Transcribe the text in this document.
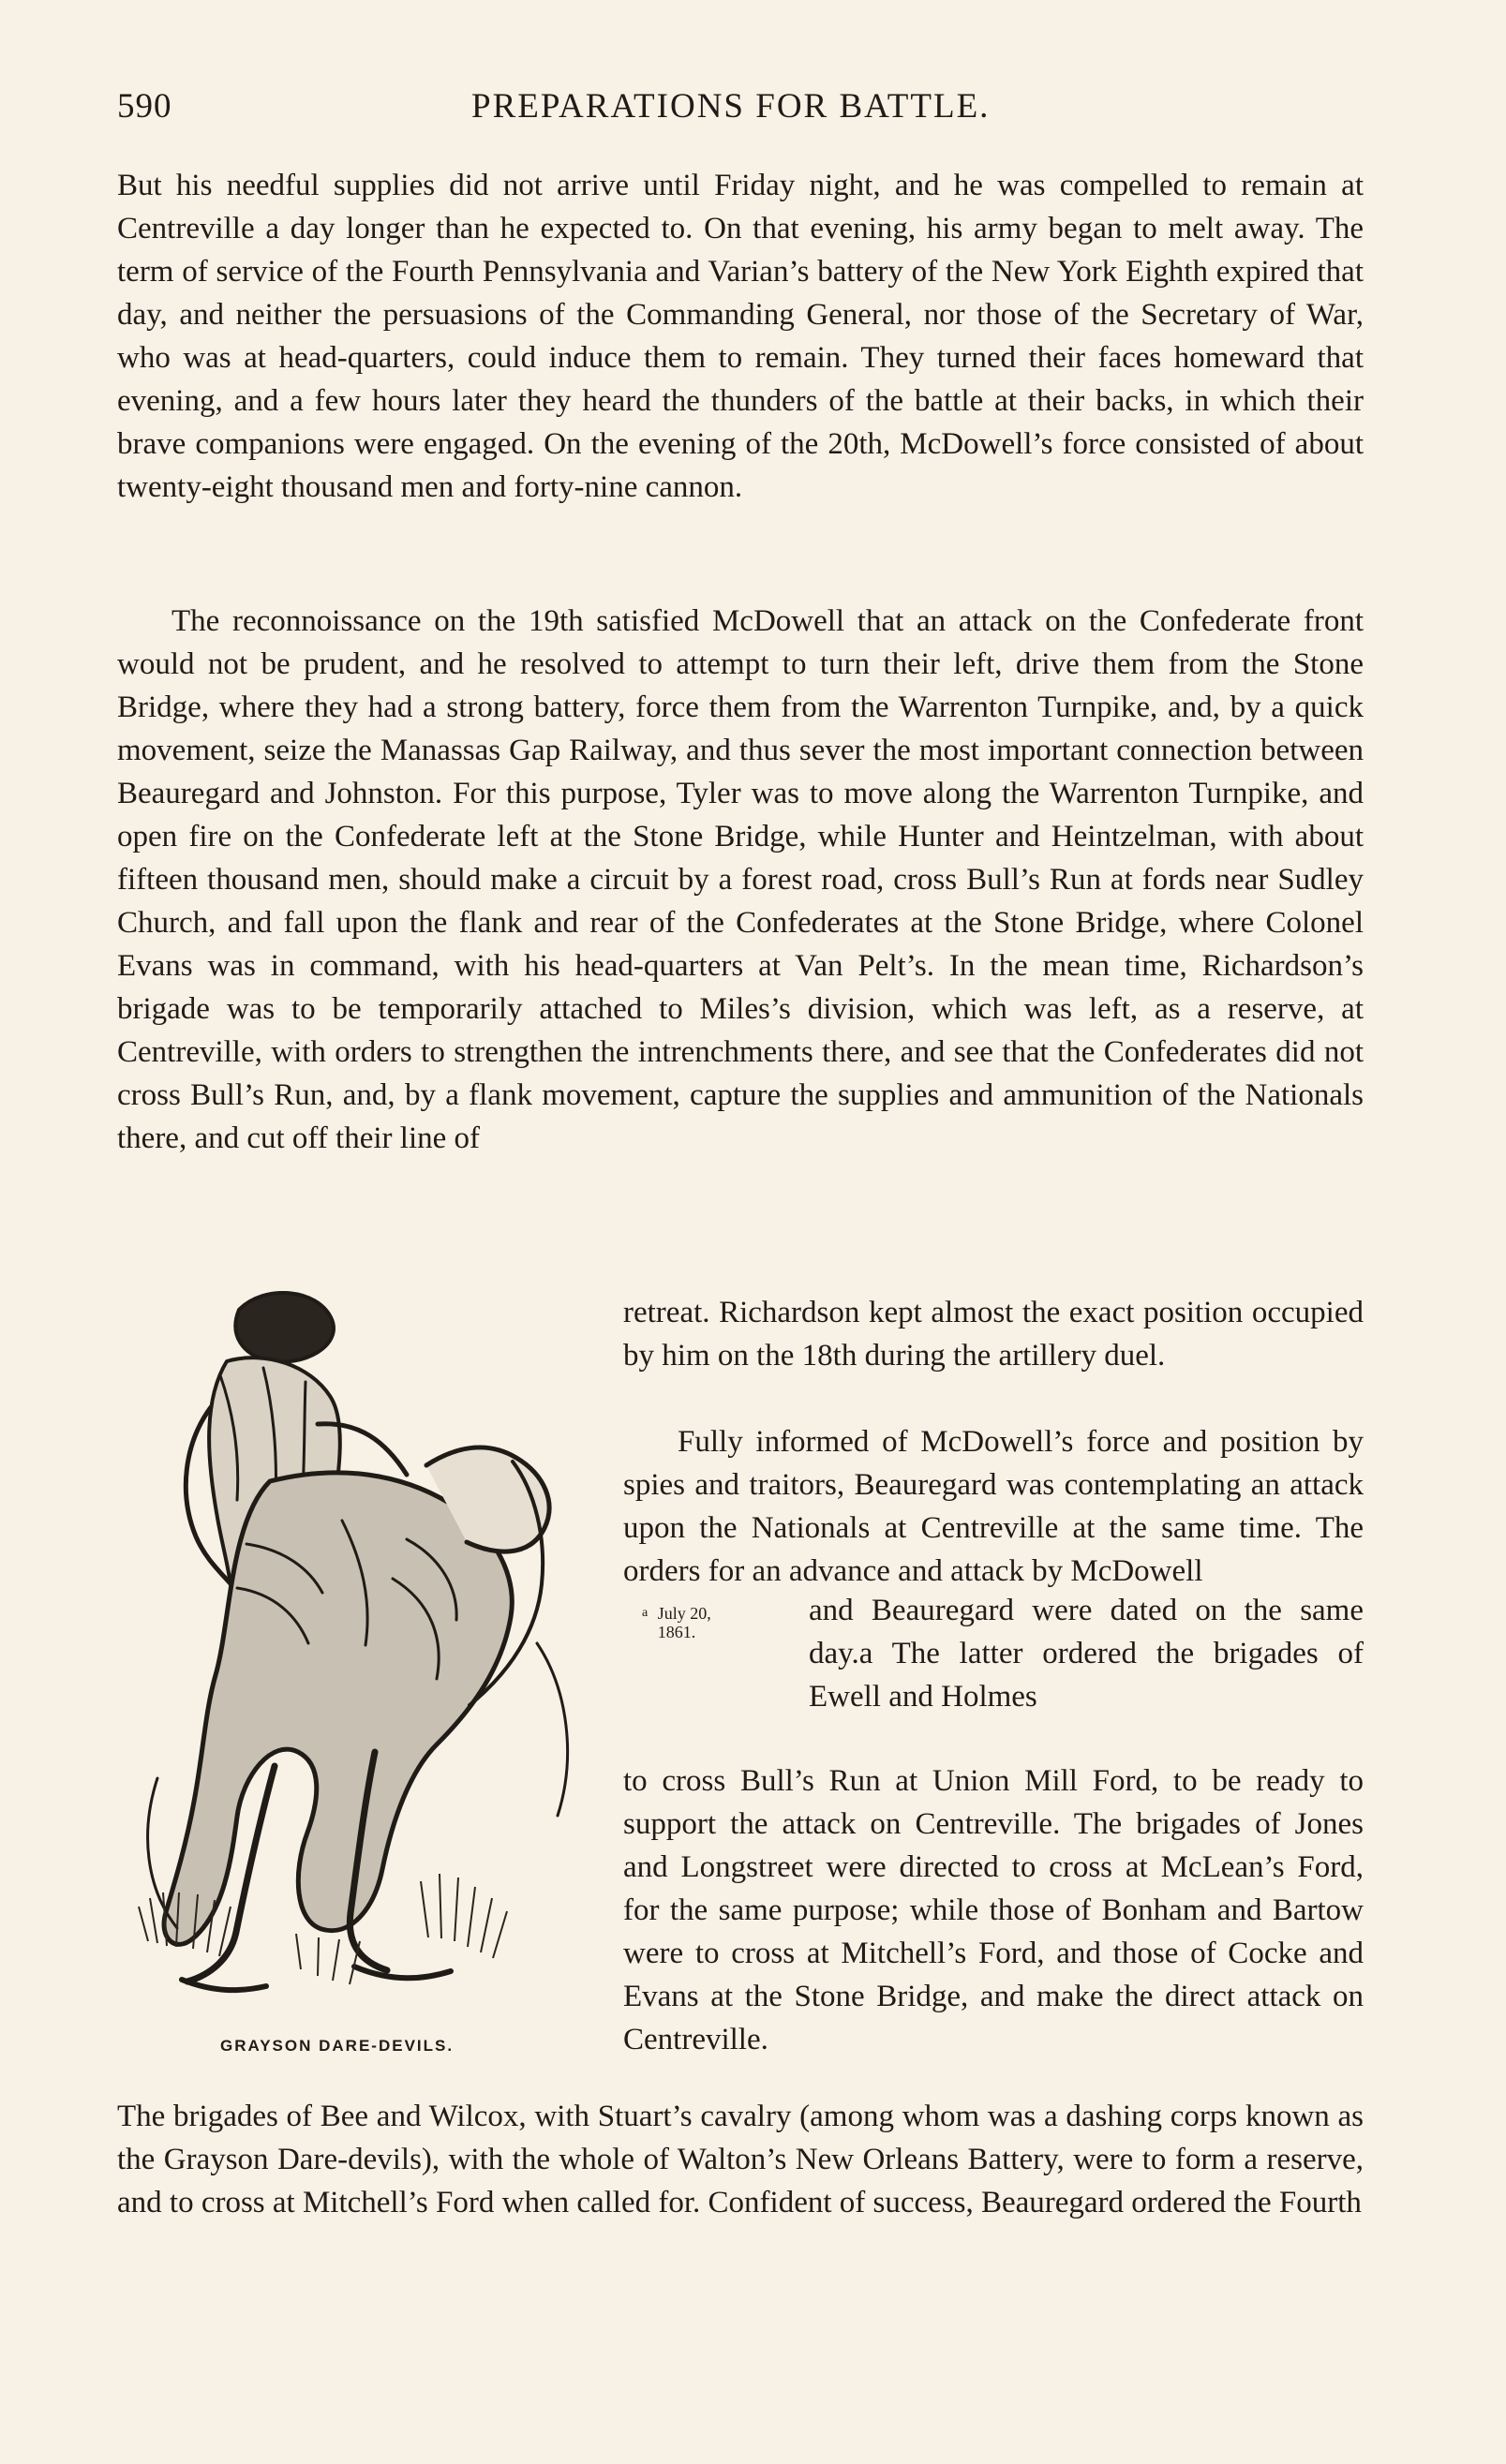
590	PREPARATIONS FOR BATTLE.
But his needful supplies did not arrive until Friday night, and he was compelled to remain at Centreville a day longer than he expected to. On that evening, his army began to melt away. The term of service of the Fourth Pennsylvania and Varian’s battery of the New York Eighth expired that day, and neither the persuasions of the Commanding General, nor those of the Secretary of War, who was at head-quarters, could induce them to remain. They turned their faces homeward that evening, and a few hours later they heard the thunders of the battle at their backs, in which their brave companions were engaged. On the evening of the 20th, McDowell’s force consisted of about twenty-eight thousand men and forty-nine cannon.
The reconnoissance on the 19th satisfied McDowell that an attack on the Confederate front would not be prudent, and he resolved to attempt to turn their left, drive them from the Stone Bridge, where they had a strong battery, force them from the Warrenton Turnpike, and, by a quick movement, seize the Manassas Gap Railway, and thus sever the most important connection between Beauregard and Johnston. For this purpose, Tyler was to move along the Warrenton Turnpike, and open fire on the Confederate left at the Stone Bridge, while Hunter and Heintzelman, with about fifteen thousand men, should make a circuit by a forest road, cross Bull’s Run at fords near Sudley Church, and fall upon the flank and rear of the Confederates at the Stone Bridge, where Colonel Evans was in command, with his head-quarters at Van Pelt’s. In the mean time, Richardson’s brigade was to be temporarily attached to Miles’s division, which was left, as a reserve, at Centreville, with orders to strengthen the intrenchments there, and see that the Confederates did not cross Bull’s Run, and, by a flank movement, capture the supplies and ammunition of the Nationals there, and cut off their line of
GRAYSON DARE-DEVILS.
retreat. Richardson kept almost the exact position occupied by him on the 18th during the artillery duel.
Fully informed of McDowell’s force and position by spies and traitors, Beauregard was contemplating an attack upon the Nationals at Centreville at the same time. The orders for an advance and attack by McDowell
$^a$ July 20, 1861.
and Beauregard were dated on the same day.a The latter ordered the brigades of Ewell and Holmes
to cross Bull’s Run at Union Mill Ford, to be ready to support the attack on Centreville. The brigades of Jones and Longstreet were directed to cross at McLean’s Ford, for the same purpose; while those of Bonham and Bartow were to cross at Mitchell’s Ford, and those of Cocke and Evans at the Stone Bridge, and make the direct attack on Centreville.
The brigades of Bee and Wilcox, with Stuart’s cavalry (among whom was a dashing corps known as the Grayson Dare-devils), with the whole of Walton’s New Orleans Battery, were to form a reserve, and to cross at Mitchell’s Ford when called for. Confident of success, Beauregard ordered the Fourth
